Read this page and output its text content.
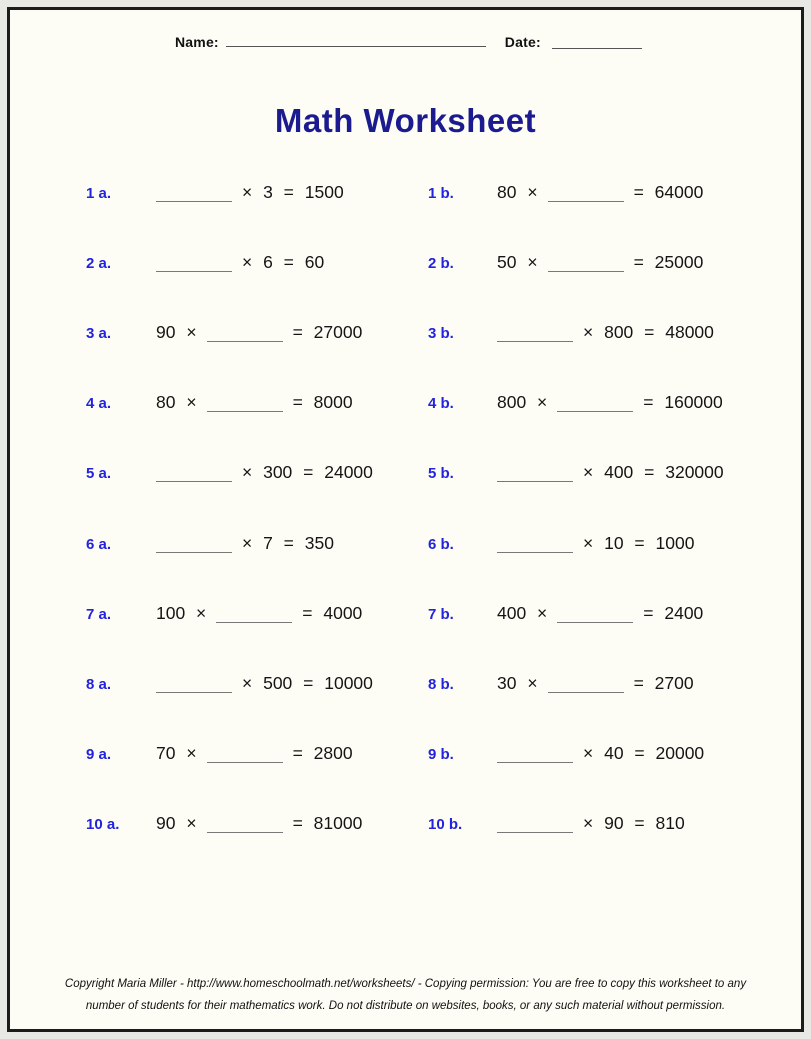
Name:	Date:
Math Worksheet
1 a.	× 3 = 1500	1 b.	80 ×	= 64000
2 a.	× 6 = 60	2 b.	50 ×	= 25000
3 a.	90 ×	= 27000	3 b.	× 800 = 48000
4 a.	80 ×	= 8000	4 b.	800 ×	= 160000
5 a.	× 300 = 24000	5 b.	× 400 = 320000
6 a.	× 7 = 350	6 b.	× 10 = 1000
7 a.	100 ×	= 4000	7 b.	400 ×	= 2400
8 a.	× 500 = 10000	8 b.	30 ×	= 2700
9 a.	70 ×	= 2800	9 b.	× 40 = 20000
10 a.	90 ×	= 81000	10 b.	× 90 = 810
Copyright Maria Miller - http://www.homeschoolmath.net/worksheets/ - Copying permission: You are free to copy this worksheet to any
number of students for their mathematics work. Do not distribute on websites, books, or any such material without permission.
